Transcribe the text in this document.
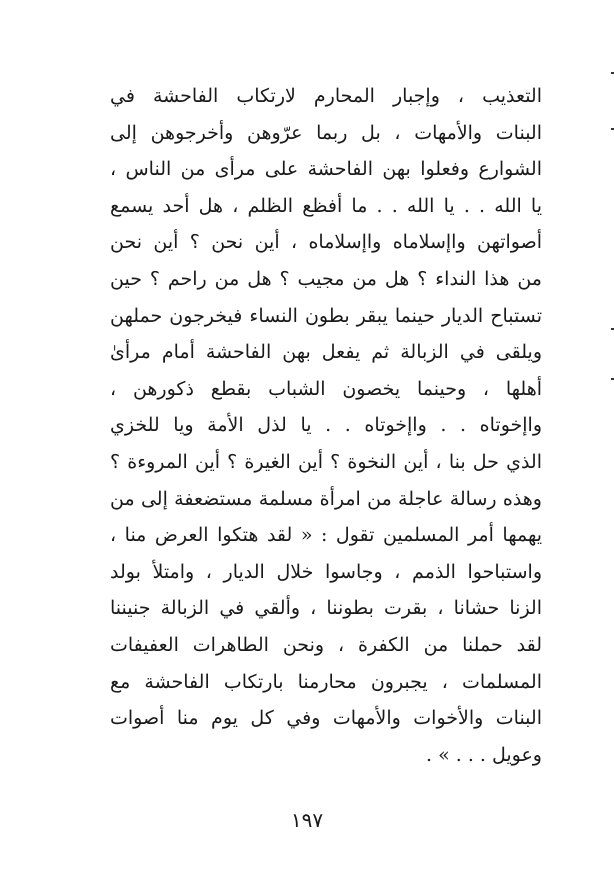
التعذيب ، وإجبار المحارم لارتكاب الفاحشة في
البنات والأمهات ، بل ربما عرّوهن وأخرجوهن إلى
الشوارع وفعلوا بهن الفاحشة على مرأى من الناس ،
يا الله . . يا الله . . ما أفظع الظلم ، هل أحد يسمع
أصواتهن واإسلاماه واإسلاماه ، أين نحن ؟ أين نحن
من هذا النداء ؟ هل من مجيب ؟ هل من راحم ؟ حين
تستباح الديار حينما يبقر بطون النساء فيخرجون حملهن
ويلقى في الزبالة ثم يفعل بهن الفاحشة أمام مرأىٰ
أهلها ، وحينما يخصون الشباب بقطع ذكورهن ،
واإخوتاه . . واإخوتاه . . يا لذل الأمة ويا للخزي
الذي حل بنا ، أين النخوة ؟ أين الغيرة ؟ أين المروءة ؟
وهذه رسالة عاجلة من امرأة مسلمة مستضعفة إلى من
يهمها أمر المسلمين تقول : « لقد هتكوا العرض منا ،
واستباحوا الذمم ، وجاسوا خلال الديار ، وامتلأ بولد
الزنا حشانا ، بقرت بطوننا ، وألقي في الزبالة جنيننا
لقد حملنا من الكفرة ، ونحن الطاهرات العفيفات
المسلمات ، يجبرون محارمنا بارتكاب الفاحشة مع
البنات والأخوات والأمهات وفي كل يوم منا أصوات
وعويل . . . » .
١٩٧
